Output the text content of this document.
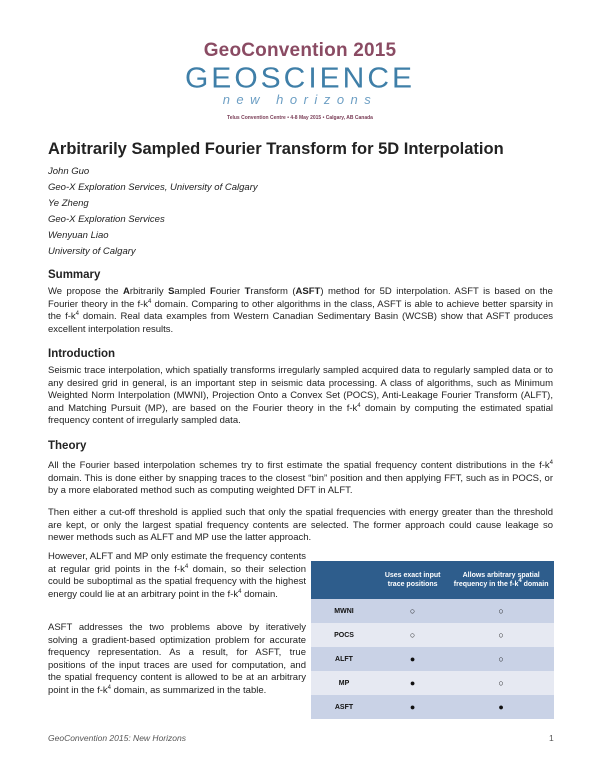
GeoConvention 2015
GEOSCIENCE
new horizons
Telus Convention Centre • 4-8 May 2015 • Calgary, AB Canada
Arbitrarily Sampled Fourier Transform for 5D Interpolation
John Guo
Geo-X Exploration Services, University of Calgary
Ye Zheng
Geo-X Exploration Services
Wenyuan Liao
University of Calgary
Summary
We propose the Arbitrarily Sampled Fourier Transform (ASFT) method for 5D interpolation. ASFT is based on the Fourier theory in the $f-k^4$ domain. Comparing to other algorithms in the class, ASFT is able to achieve better sparsity in the $f-k^4$ domain. Real data examples from Western Canadian Sedimentary Basin (WCSB) show that ASFT produces excellent interpolation results.
Introduction
Seismic trace interpolation, which spatially transforms irregularly sampled acquired data to regularly sampled data or to any desired grid in general, is an important step in seismic data processing. A class of algorithms, such as Minimum Weighted Norm Interpolation (MWNI), Projection Onto a Convex Set (POCS), Anti-Leakage Fourier Transform (ALFT), and Matching Pursuit (MP), are based on the Fourier theory in the $f-k^4$ domain by computing the estimated spatial frequency content of irregularly sampled data.
Theory
All the Fourier based interpolation schemes try to first estimate the spatial frequency content distributions in the $f-k^4$ domain. This is done either by snapping traces to the closest “bin” position and then applying FFT, such as in POCS, or by a more elaborated method such as computing weighted DFT in ALFT.
Then either a cut-off threshold is applied such that only the spatial frequencies with energy greater than the threshold are kept, or only the largest spatial frequency contents are selected. The former approach could cause leakage so newer methods such as ALFT and MP use the latter approach.
However, ALFT and MP only estimate the frequency contents at regular grid points in the $f-k^4$ domain, so their selection could be suboptimal as the spatial frequency with the highest energy could lie at an arbitrary point in the $f-k^4$ domain.
ASFT addresses the two problems above by iteratively solving a gradient-based optimization problem for accurate frequency representation. As a result, for ASFT, true positions of the input traces are used for computation, and the spatial frequency content is allowed to be at an arbitrary point in the $f-k^4$ domain, as summarized in the table.
	Uses exact input trace positions	Allows arbitrary spatial frequency in the $f-k^4$ domain
MWNI	○	○
POCS	○	○
ALFT	●	○
MP	●	○
ASFT	●	●
GeoConvention 2015: New Horizons	1
